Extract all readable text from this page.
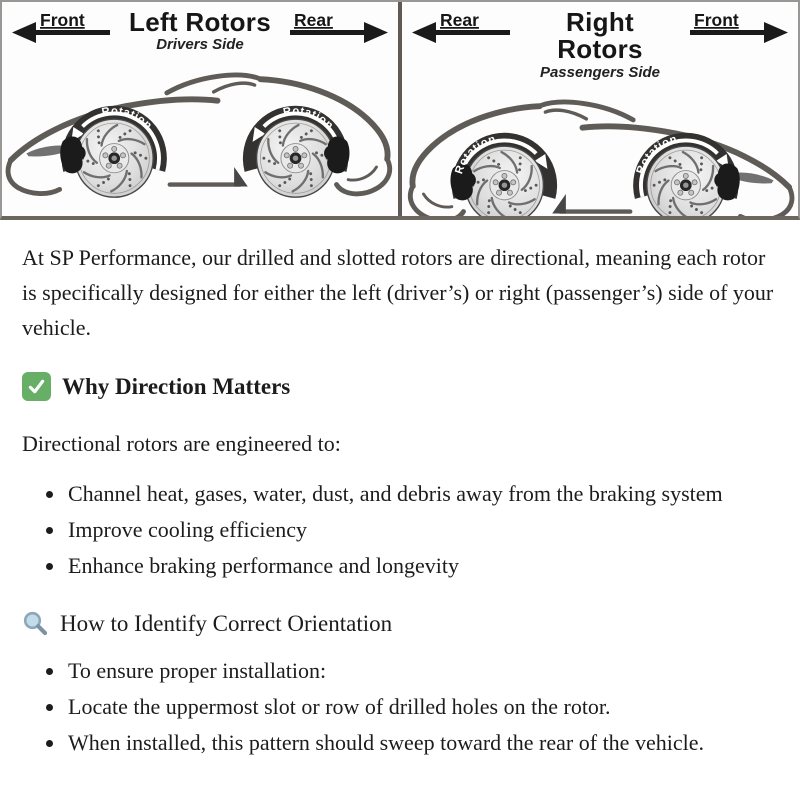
Front Left Rotors
Drivers Side
Rear
Rotation
Rotation
Rear	Right Rotors
Passengers Side
Front
Rotation
Rotation

At SP Performance, our drilled and slotted rotors are directional, meaning each rotor is specifically designed for either the left (driver’s) or right (passenger’s) side of your vehicle.

Why Direction Matters

Directional rotors are engineered to:

• Channel heat, gases, water, dust, and debris away from the braking system
• Improve cooling efficiency
• Enhance braking performance and longevity
How to Identify Correct Orientation
• To ensure proper installation:
• Locate the uppermost slot or row of drilled holes on the rotor.
• When installed, this pattern should sweep toward the rear of the vehicle.
